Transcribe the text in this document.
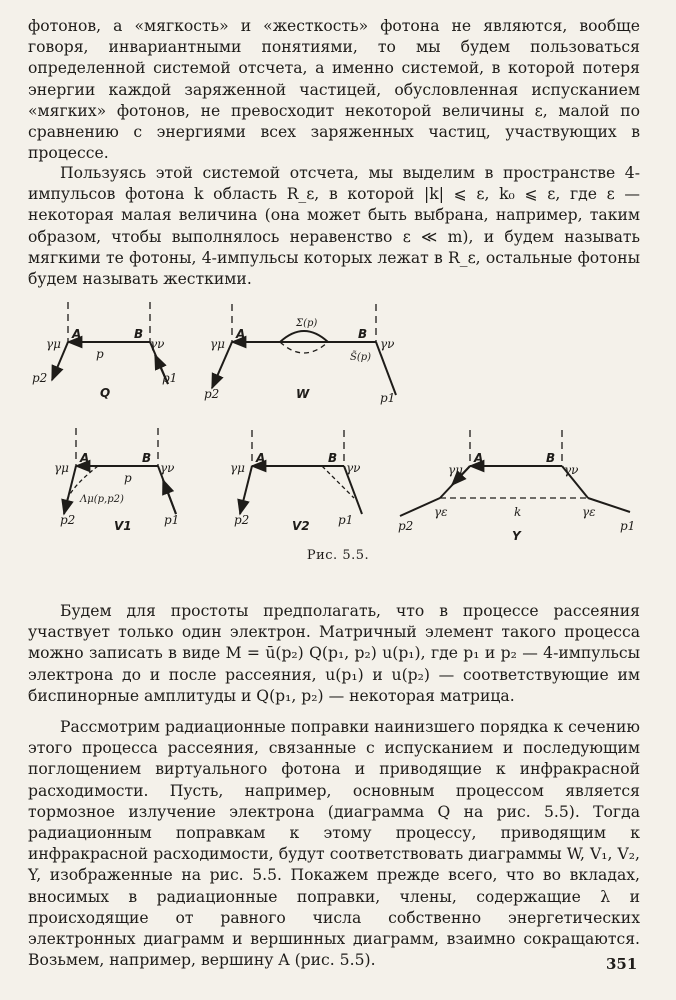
фотонов, а «мягкость» и «жесткость» фотона не являются, вообще говоря, инвариантными понятиями, то мы будем пользоваться определенной системой отсчета, а именно системой, в которой потеря энергии каждой заряженной частицей, обусловленная испусканием «мягких» фотонов, не превосходит некоторой величины ε, малой по сравнению с энергиями всех заряженных частиц, участвующих в процессе.

Пользуясь этой системой отсчета, мы выделим в пространстве 4-импульсов фотона k область R_ε, в которой |k| ⩽ ε, k₀ ⩽ ε, где ε — некоторая малая величина (она может быть выбрана, например, таким образом, чтобы выполнялось неравенство ε ≪ m), и будем называть мягкими те фотоны, 4-импульсы которых лежат в R_ε, остальные фотоны будем называть жесткими.

A	B
γμ	γν
p
p2	p1
Q
A	B
γμ	γν
Σ(p)
S̃(p)
p2	p1
W
A	B
γμ	γν
p
Λμ(p,p2)
p2	p1
V1
A	B
γμ	γν
p2	p1
V2
A	B
γμ	γν
γε	γε
k
p2	p1
Y
Рис. 5.5.

Будем для простоты предполагать, что в процессе рассеяния участвует только один электрон. Матричный элемент такого процесса можно записать в виде M = ū(p₂) Q(p₁, p₂) u(p₁), где p₁ и p₂ — 4-импульсы электрона до и после рассеяния, u(p₁) и u(p₂) — соответствующие им биспинорные амплитуды и Q(p₁, p₂) — некоторая матрица.

Рассмотрим радиационные поправки наинизшего порядка к сечению этого процесса рассеяния, связанные с испусканием и последующим поглощением виртуального фотона и приводящие к инфракрасной расходимости. Пусть, например, основным процессом является тормозное излучение электрона (диаграмма Q на рис. 5.5). Тогда радиационным поправкам к этому процессу, приводящим к инфракрасной расходимости, будут соответствовать диаграммы W, V₁, V₂, Y, изображенные на рис. 5.5. Покажем прежде всего, что во вкладах, вносимых в радиационные поправки, члены, содержащие λ и происходящие от равного числа собственно энергетических электронных диаграмм и вершинных диаграмм, взаимно сокращаются. Возьмем, например, вершину A (рис. 5.5).	351
